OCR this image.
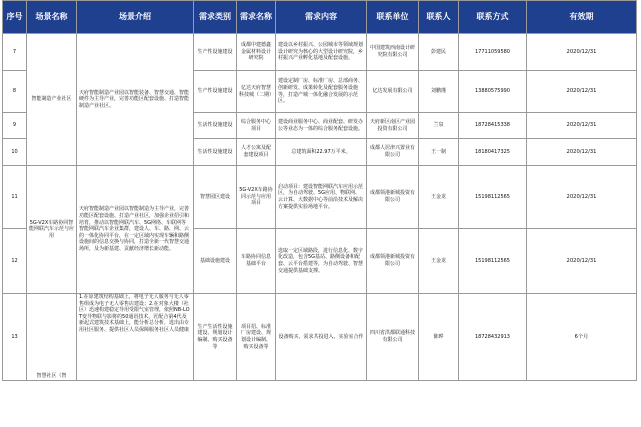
序号	场景名称	场景介绍	需求类别	需求名称	需求内容	联系单位	联系人	联系方式	有效期
7	智能制造产业社区	天府智能制造产业园以智能装备、智慧交通、智能硬件为主导产业，完善功能区配套设施、打造智能制造产业社区。	生产性设施建设	成都中建德鑫金属材料设计研究院	建设以乡村振兴、公园城市等领域规划设计研究为核心的大型设计研究院，乡村振兴产业孵化基地及配套设施。	中国建筑西南设计研究院有限公司	彭建民	17711059580	2020/12/31
8			生产性设施建设	亿达天府智慧科技城（二期）	建设定制厂房、标准厂房、总部商务、创新研发、成果转化及配套服务设施等，打造产城一体化融合发展的示范区。	亿达发展有限公司	刘鹏瑾	13880575990	2020/12/31
9			生活性设施建设	综合服务中心项目	建设商业服务中心、商业配套、研发办公等业态为一体的综合服务配套设施。	天府新区南区产业园投资有限公司	兰泉	18728415338	2020/12/31
10			生活性设施建设	人才公寓及配套建设项目	总建筑面积22.97万平米。	成都人居津兴置业有限公司	王一制	18180417325	2020/12/31
11	5G-V2X车路协同智能网联汽车示范与应用	天府智能制造产业园以智能制造为主导产业，完善功能区配套设施、打造产业社区，加强企业招引和培育，推动以智能网联汽车、5G网络、车联网等智能网联汽车企业集群，建设人、车、路、网、云的一体化协同平台，在一定区域内实现车辆和路侧设施间的信息交换与协同，打造全新一代智慧交通场所，及为新基建、贡献经济增长新动能。	智慧园区建设	5G-V2X车路协同示范与应用项目	启动项目：建设智能网联汽车应用示范区，为自动驾驶、5G应用、物联网、云计算、大数据中心等前沿技术及解决方案提供实验场地平台。	成都领港新城投资有限公司	王金龙	15198112565	2020/12/31
12			基础设施建设	车路协同信息基础平台	选取一定区域路段，进行信息化、数字化改造，包含5G基站、路侧设备和配套、云平台搭建等，为自动驾驶、智慧交通提供基础支撑。	成都领港新城投资有限公司	王金龙	15198112565	2020/12/31
13	智慧社区（智	1.在原建筑结构基础上，将电子无人服务与无人零售组成为电子无人零售店建设；2.在对象大楼（社区）迅速构建稳定导用受限气室管理，依照NB-LOT变导物联与影将的50通讯技术，匠配合第4代及新起式建筑技术基础上，能分析总分析，选出由专用社区服务、提供社区人员保障服务社区人员健康	生产生活性设施建设、规划设计编制、购买设备等	项目招、标准厂房建设、规划设计编制、购买设备等	设备购买、需求共投进入、实验室合作	四川省洪都联通科技有限公司	陈晔	18728432913	6个月
